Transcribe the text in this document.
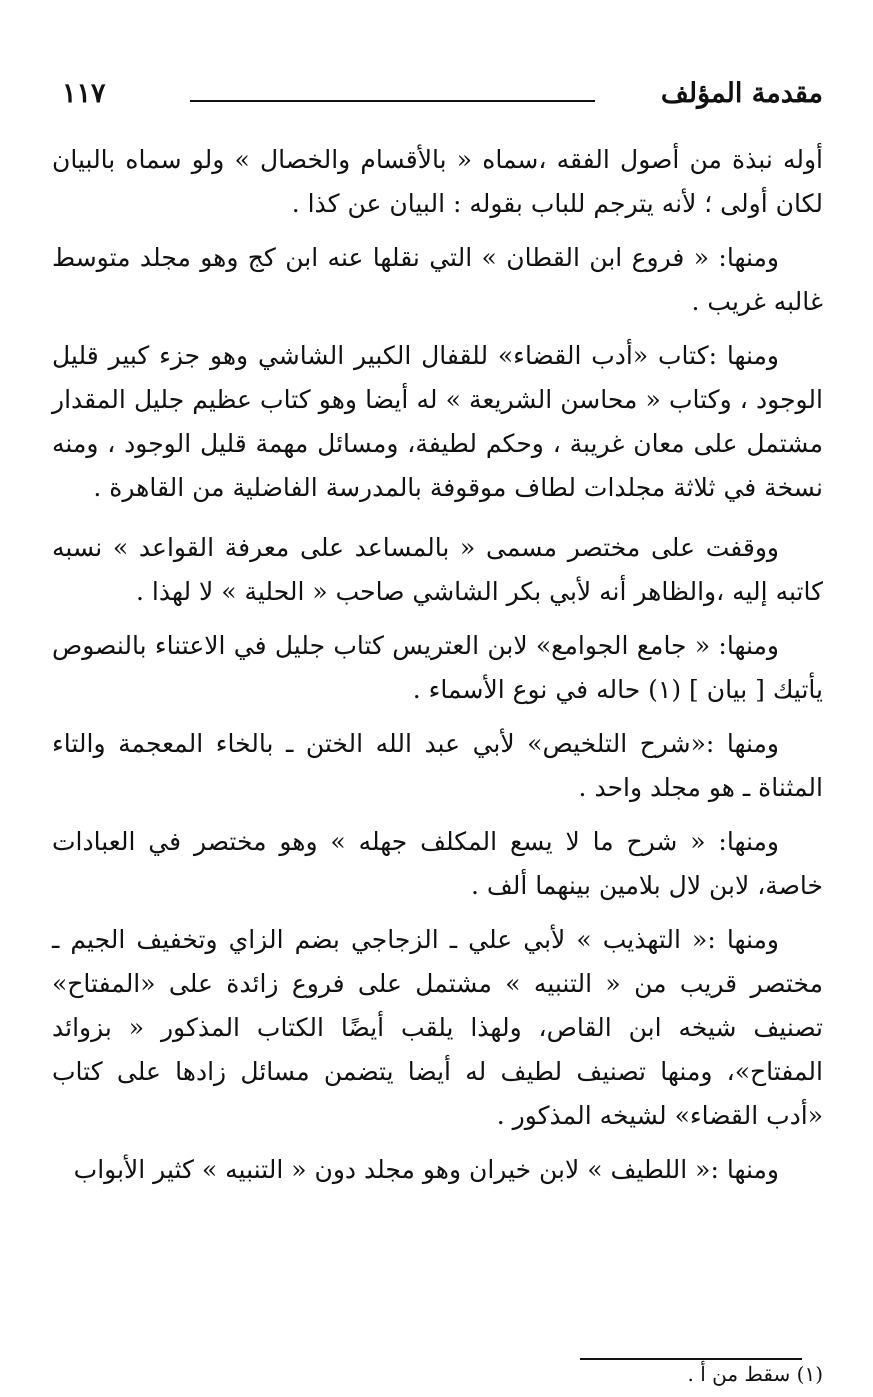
مقدمة المؤلف
١١٧

أوله نبذة من أصول الفقه ،سماه « بالأقسام والخصال » ولو سماه بالبيان لكان أولى ؛ لأنه يترجم للباب بقوله : البيان عن كذا .

ومنها: « فروع ابن القطان » التي نقلها عنه ابن كج وهو مجلد متوسط غالبه غريب .

ومنها :كتاب «أدب القضاء» للقفال الكبير الشاشي وهو جزء كبير قليل الوجود ، وكتاب « محاسن الشريعة » له أيضا وهو كتاب عظيم جليل المقدار مشتمل على معان غريبة ، وحكم لطيفة، ومسائل مهمة قليل الوجود ، ومنه نسخة في ثلاثة مجلدات لطاف موقوفة بالمدرسة الفاضلية من القاهرة .

ووقفت على مختصر مسمى « بالمساعد على معرفة القواعد » نسبه كاتبه إليه ،والظاهر أنه لأبي بكر الشاشي صاحب « الحلية » لا لهذا .

ومنها: « جامع الجوامع» لابن العتريس كتاب جليل في الاعتناء بالنصوص يأتيك [ بيان ] (١) حاله في نوع الأسماء .

ومنها :«شرح التلخيص» لأبي عبد الله الختن ـ بالخاء المعجمة والتاء المثناة ـ هو مجلد واحد .

ومنها: « شرح ما لا يسع المكلف جهله » وهو مختصر في العبادات خاصة، لابن لال بلامين بينهما ألف .

ومنها :« التهذيب » لأبي علي ـ الزجاجي بضم الزاي وتخفيف الجيم ـ مختصر قريب من « التنبيه » مشتمل على فروع زائدة على «المفتاح» تصنيف شيخه ابن القاص، ولهذا يلقب أيضًا الكتاب المذكور « بزوائد المفتاح»، ومنها تصنيف لطيف له أيضا يتضمن مسائل زادها على كتاب «أدب القضاء» لشيخه المذكور .

ومنها :« اللطيف » لابن خيران وهو مجلد دون « التنبيه » كثير الأبواب

(١) سقط من أ .
